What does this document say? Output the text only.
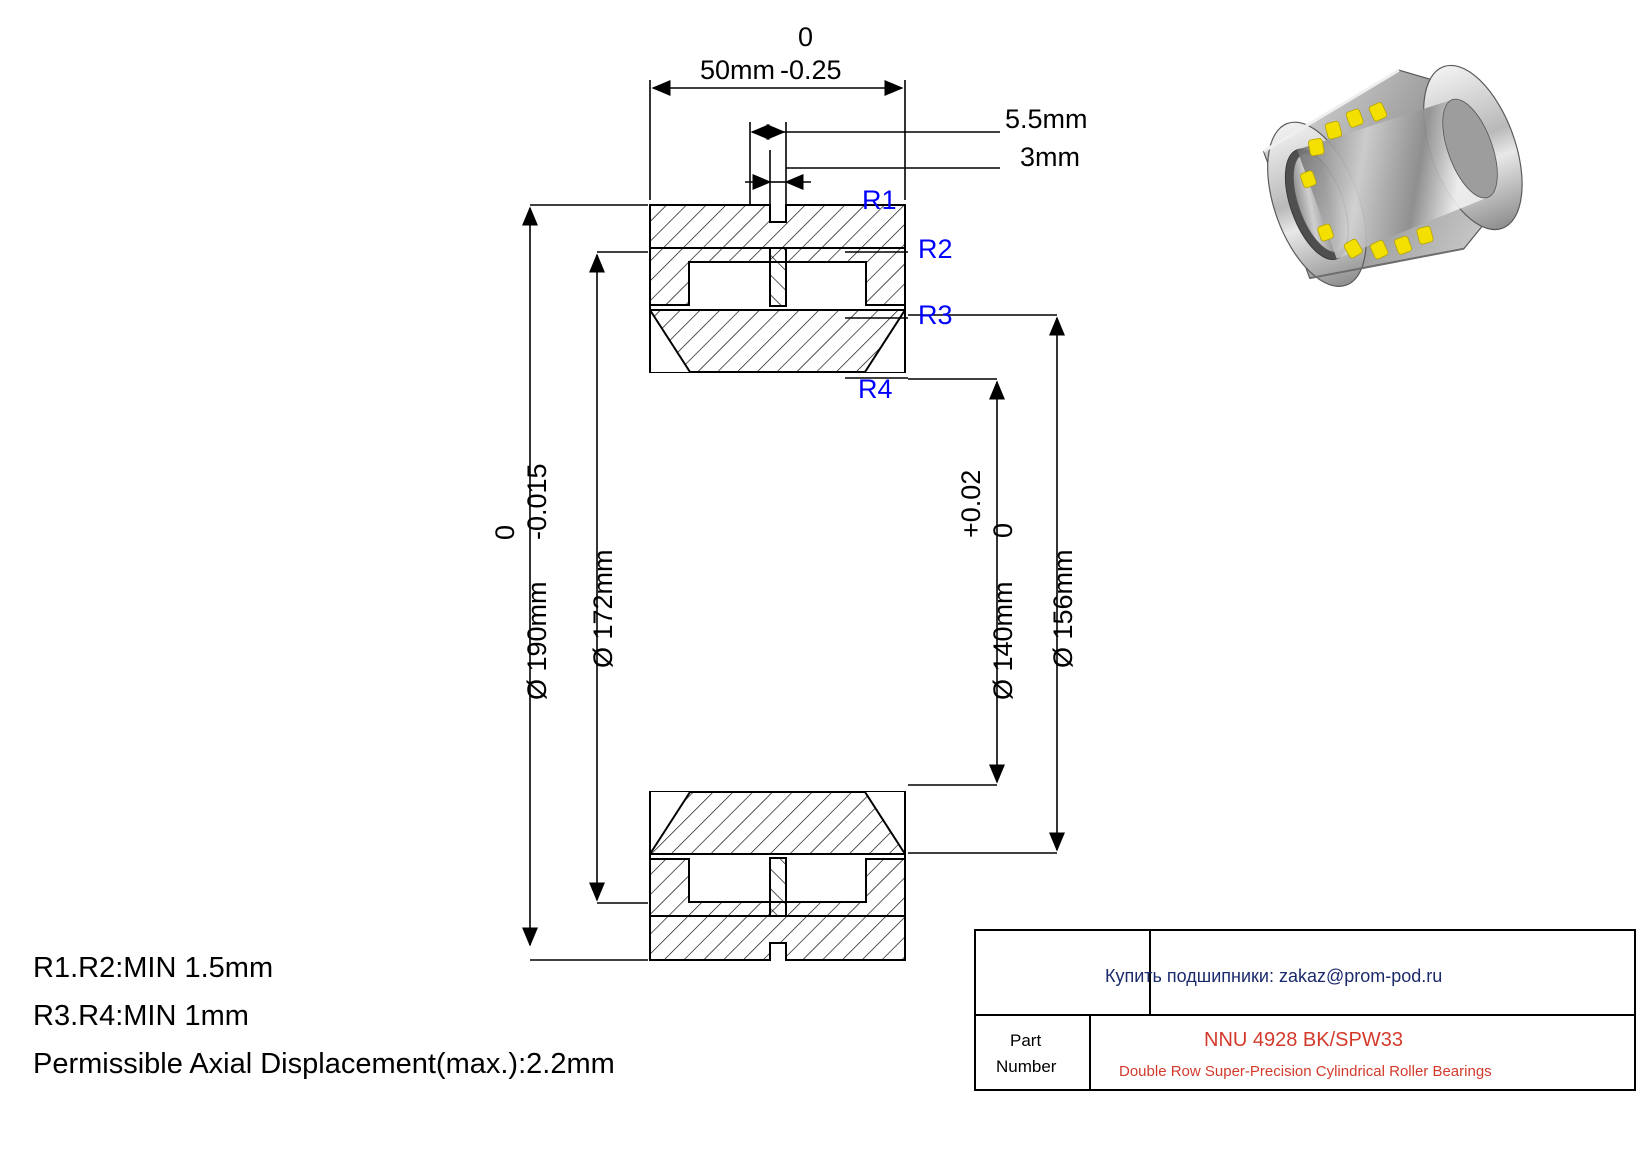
0
50mm -0.25
5.5mm
3mm
R1
R2
R3
R4
Ø 190mm
0 -0.015
Ø 172mm	Ø 140mm
+0.02 0
Ø 156mm
R1.R2:MIN 1.5mm
R3.R4:MIN 1mm
Permissible Axial Displacement(max.):2.2mm
Купить подшипники: zakaz@prom-pod.ru
Part
Number
NNU 4928 BK/SPW33
Double Row Super-Precision Cylindrical Roller Bearings
